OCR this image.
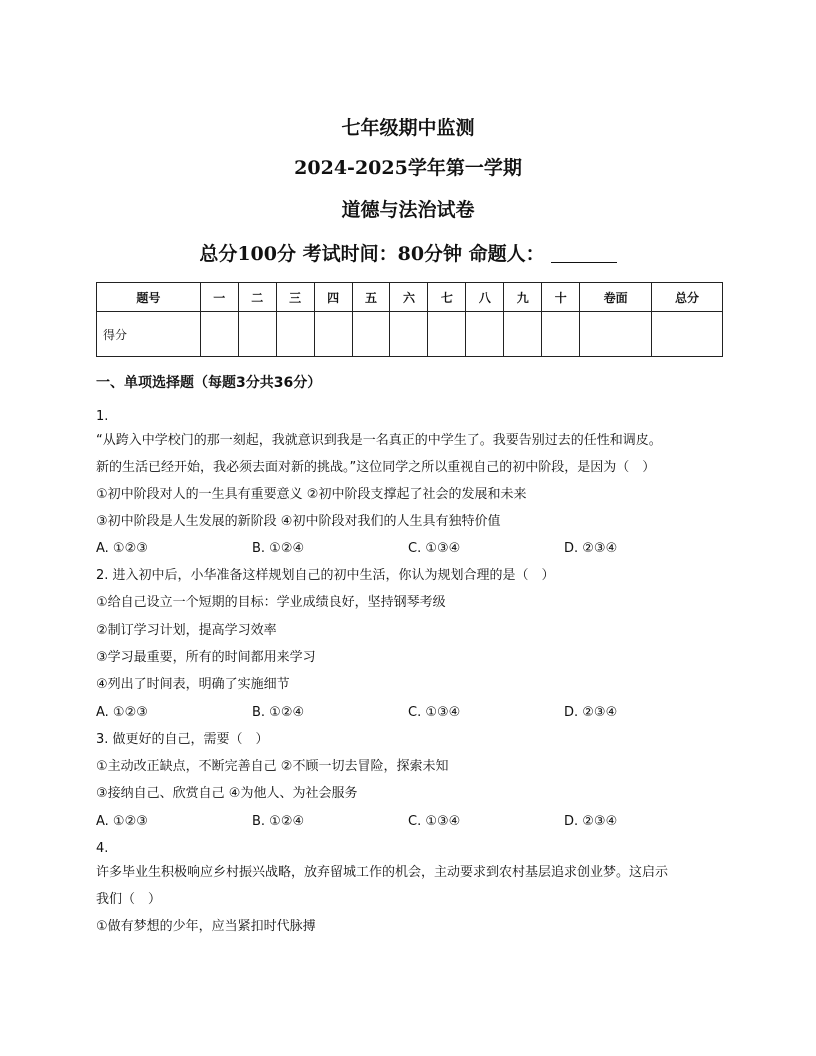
七年级期中监测
2024-2025学年第一学期
道德与法治试卷
总分100分 考试时间：80分钟 命题人：
题号	一	二	三	四	五	六	七	八	九	十	卷面	总分
得分												
一、单项选择题（每题3分共36分）
1.
“从跨入中学校门的那一刻起，我就意识到我是一名真正的中学生了。我要告别过去的任性和调皮。
新的生活已经开始，我必须去面对新的挑战。”这位同学之所以重视自己的初中阶段，是因为（　）
①初中阶段对人的一生具有重要意义 ②初中阶段支撑起了社会的发展和未来
③初中阶段是人生发展的新阶段 ④初中阶段对我们的人生具有独特价值
A. ①②③	B. ①②④	C. ①③④	D. ②③④
2. 进入初中后，小华准备这样规划自己的初中生活，你认为规划合理的是（　）
①给自己设立一个短期的目标：学业成绩良好，坚持钢琴考级
②制订学习计划，提高学习效率
③学习最重要，所有的时间都用来学习
④列出了时间表，明确了实施细节
A. ①②③	B. ①②④	C. ①③④	D. ②③④
3. 做更好的自己，需要（　）
①主动改正缺点，不断完善自己 ②不顾一切去冒险，探索未知
③接纳自己、欣赏自己 ④为他人、为社会服务
A. ①②③	B. ①②④	C. ①③④	D. ②③④
4.
许多毕业生积极响应乡村振兴战略，放弃留城工作的机会，主动要求到农村基层追求创业梦。这启示
我们（　）
①做有梦想的少年，应当紧扣时代脉搏
